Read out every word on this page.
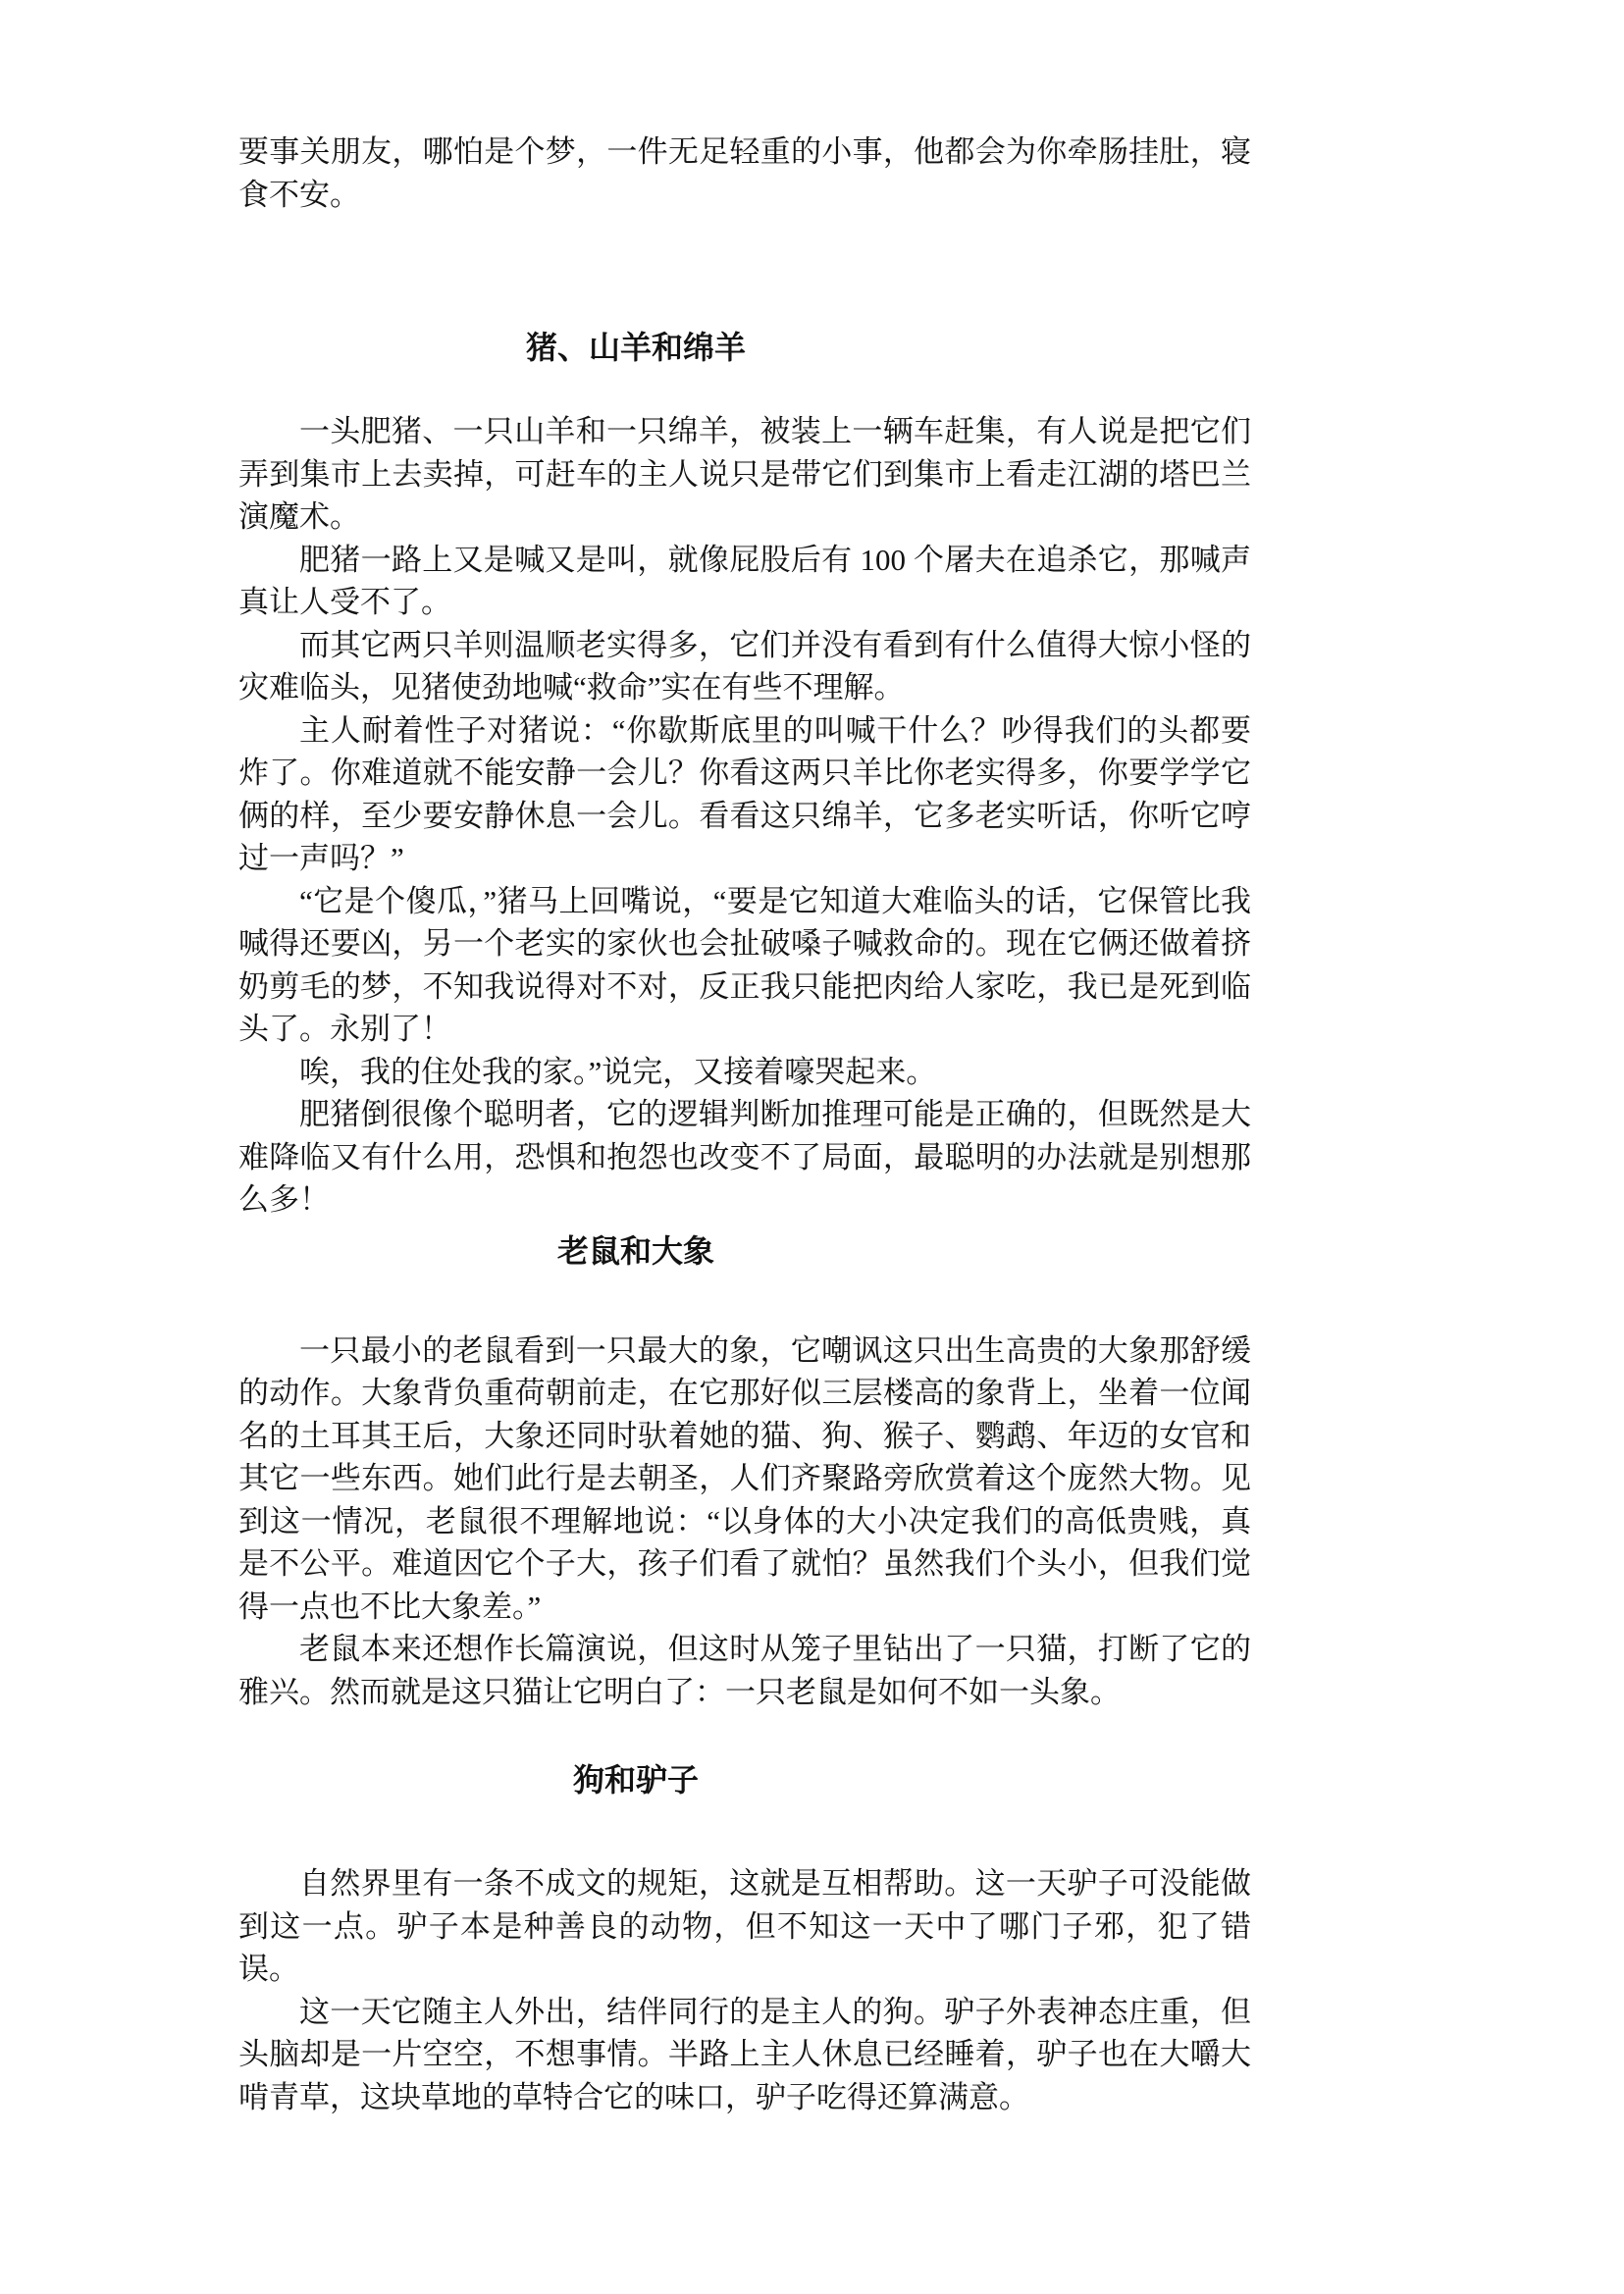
要事关朋友，哪怕是个梦，一件无足轻重的小事，他都会为你牵肠挂肚，寝食不安。

猪、山羊和绵羊

一头肥猪、一只山羊和一只绵羊，被装上一辆车赶集，有人说是把它们弄到集市上去卖掉，可赶车的主人说只是带它们到集市上看走江湖的塔巴兰演魔术。

肥猪一路上又是喊又是叫，就像屁股后有 100 个屠夫在追杀它，那喊声真让人受不了。

而其它两只羊则温顺老实得多，它们并没有看到有什么值得大惊小怪的灾难临头，见猪使劲地喊“救命”实在有些不理解。

主人耐着性子对猪说：“你歇斯底里的叫喊干什么？吵得我们的头都要炸了。你难道就不能安静一会儿？你看这两只羊比你老实得多，你要学学它俩的样，至少要安静休息一会儿。看看这只绵羊，它多老实听话，你听它哼过一声吗？”

“它是个傻瓜，”猪马上回嘴说，“要是它知道大难临头的话，它保管比我喊得还要凶，另一个老实的家伙也会扯破嗓子喊救命的。现在它俩还做着挤奶剪毛的梦，不知我说得对不对，反正我只能把肉给人家吃，我已是死到临头了。永别了！

唉，我的住处我的家。”说完，又接着嚎哭起来。

肥猪倒很像个聪明者，它的逻辑判断加推理可能是正确的，但既然是大难降临又有什么用，恐惧和抱怨也改变不了局面，最聪明的办法就是别想那么多！

老鼠和大象

一只最小的老鼠看到一只最大的象，它嘲讽这只出生高贵的大象那舒缓的动作。大象背负重荷朝前走，在它那好似三层楼高的象背上，坐着一位闻名的土耳其王后，大象还同时驮着她的猫、狗、猴子、鹦鹉、年迈的女官和其它一些东西。她们此行是去朝圣，人们齐聚路旁欣赏着这个庞然大物。见到这一情况，老鼠很不理解地说：“以身体的大小决定我们的高低贵贱，真是不公平。难道因它个子大，孩子们看了就怕？虽然我们个头小，但我们觉得一点也不比大象差。”

老鼠本来还想作长篇演说，但这时从笼子里钻出了一只猫，打断了它的雅兴。然而就是这只猫让它明白了：一只老鼠是如何不如一头象。

狗和驴子

自然界里有一条不成文的规矩，这就是互相帮助。这一天驴子可没能做到这一点。驴子本是种善良的动物，但不知这一天中了哪门子邪，犯了错误。

这一天它随主人外出，结伴同行的是主人的狗。驴子外表神态庄重，但头脑却是一片空空，不想事情。半路上主人休息已经睡着，驴子也在大嚼大啃青草，这块草地的草特合它的味口，驴子吃得还算满意。
